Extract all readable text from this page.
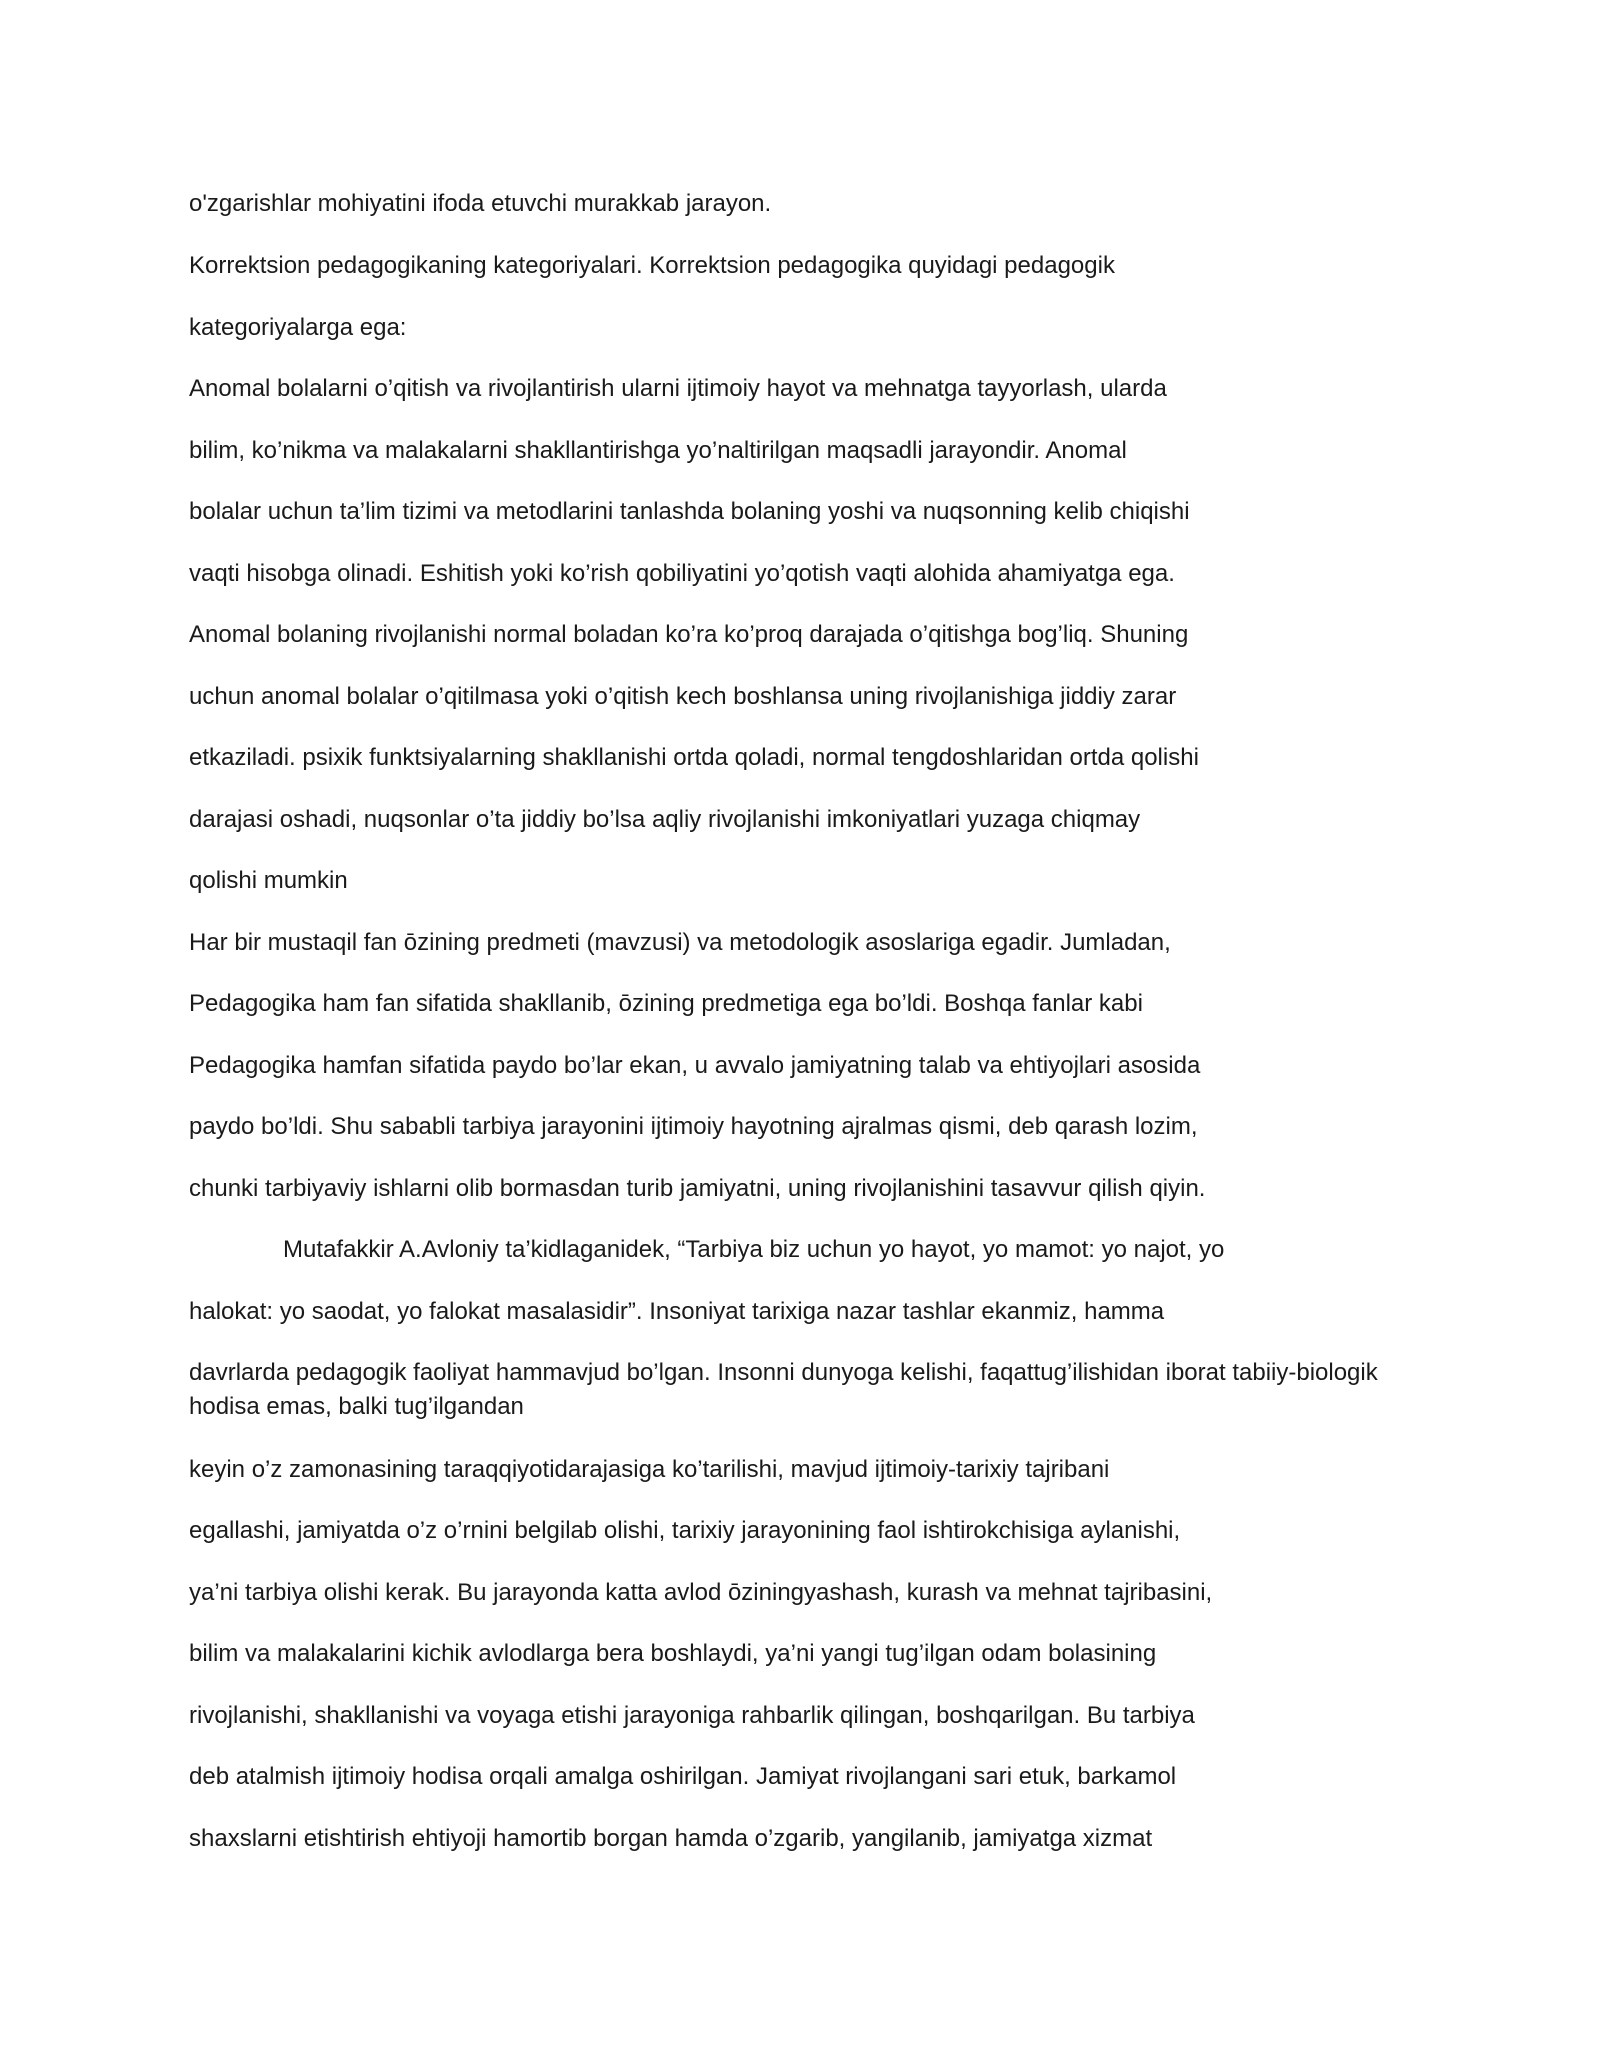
o'zgarishlar mohiyatini ifoda etuvchi murakkab jarayon.

Korrektsion pedagogikaning kategoriyalari. Korrektsion pedagogika quyidagi pedagogik

kategoriyalarga ega:

Anomal bolalarni o’qitish va rivojlantirish ularni ijtimoiy hayot va mehnatga tayyorlash, ularda

bilim, ko’nikma va malakalarni shakllantirishga yo’naltirilgan maqsadli jarayondir. Anomal

bolalar uchun ta’lim tizimi va metodlarini tanlashda bolaning yoshi va nuqsonning kelib chiqishi

vaqti hisobga olinadi. Eshitish yoki ko’rish qobiliyatini yo’qotish vaqti alohida ahamiyatga ega.

Anomal bolaning rivojlanishi normal boladan ko’ra ko’proq darajada o’qitishga bog’liq. Shuning

uchun anomal bolalar o’qitilmasa yoki o’qitish kech boshlansa uning rivojlanishiga jiddiy zarar

etkaziladi. psixik funktsiyalarning shakllanishi ortda qoladi, normal tengdoshlaridan ortda qolishi

darajasi oshadi, nuqsonlar o’ta jiddiy bo’lsa aqliy rivojlanishi imkoniyatlari yuzaga chiqmay

qolishi mumkin

Har bir mustaqil fan ōzining predmeti (mavzusi) va metodologik asoslariga egadir. Jumladan,

Pedagogika ham fan sifatida shakllanib, ōzining predmetiga ega bo’ldi. Boshqa fanlar kabi

Pedagogika hamfan sifatida paydo bo’lar ekan, u avvalo jamiyatning talab va ehtiyojlari asosida

paydo bo’ldi. Shu sababli tarbiya jarayonini ijtimoiy hayotning ajralmas qismi, deb qarash lozim,

chunki tarbiyaviy ishlarni olib bormasdan turib jamiyatni, uning rivojlanishini tasavvur qilish qiyin.

Mutafakkir A.Avloniy ta’kidlaganidek, “Tarbiya biz uchun yo hayot, yo mamot: yo najot, yo

halokat: yo saodat, yo falokat masalasidir”. Insoniyat tarixiga nazar tashlar ekanmiz, hamma

davrlarda pedagogik faoliyat hammavjud bo’lgan. Insonni dunyoga kelishi, faqattug’ilishidan iborat tabiiy-biologik hodisa emas, balki tug’ilgandan

keyin o’z zamonasining taraqqiyotidarajasiga ko’tarilishi, mavjud ijtimoiy-tarixiy tajribani

egallashi, jamiyatda o’z o’rnini belgilab olishi, tarixiy jarayonining faol ishtirokchisiga aylanishi,

ya’ni tarbiya olishi kerak. Bu jarayonda katta avlod ōziningyashash, kurash va mehnat tajribasini,

bilim va malakalarini kichik avlodlarga bera boshlaydi, ya’ni yangi tug’ilgan odam bolasining

rivojlanishi, shakllanishi va voyaga etishi jarayoniga rahbarlik qilingan, boshqarilgan. Bu tarbiya

deb atalmish ijtimoiy hodisa orqali amalga oshirilgan. Jamiyat rivojlangani sari etuk, barkamol

shaxslarni etishtirish ehtiyoji hamortib borgan hamda o’zgarib, yangilanib, jamiyatga xizmat
